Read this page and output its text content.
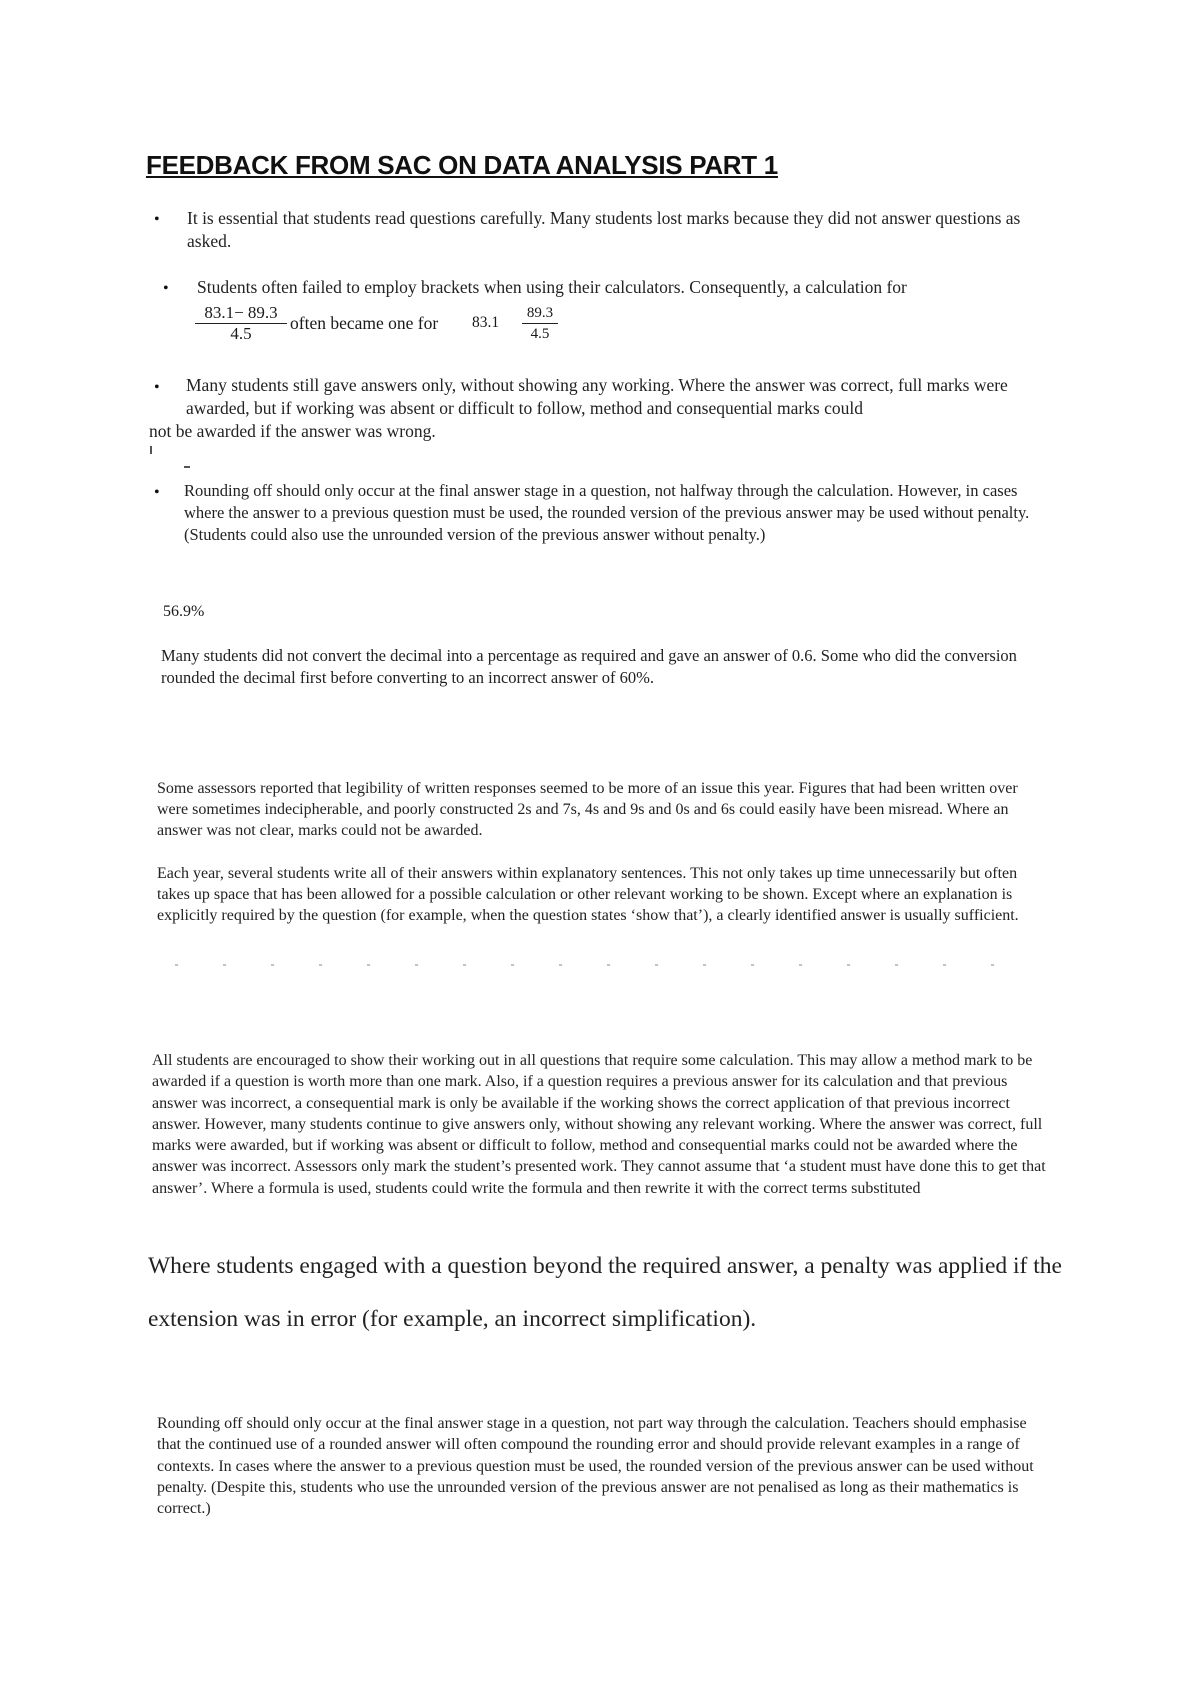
FEEDBACK FROM SAC ON DATA ANALYSIS PART 1
• It is essential that students read questions carefully. Many students lost marks because they did not answer questions as asked.

• Students often failed to employ brackets when using their calculators. Consequently, a calculation for

$\frac{83.1- 89.3}{4.5}$ often became one for $83.1 \frac{89.3}{4.5}$
• Many students still gave answers only, without showing any working. Where the answer was correct, full marks were awarded, but if working was absent or difficult to follow, method and consequential marks could

not be awarded if the answer was wrong.

• Rounding off should only occur at the final answer stage in a question, not halfway through the calculation. However, in cases where the answer to a previous question must be used, the rounded version of the previous answer may be used without penalty. (Students could also use the unrounded version of the previous answer without penalty.)

56.9%

Many students did not convert the decimal into a percentage as required and gave an answer of 0.6. Some who did the conversion rounded the decimal first before converting to an incorrect answer of 60%.

Some assessors reported that legibility of written responses seemed to be more of an issue this year. Figures that had been written over were sometimes indecipherable, and poorly constructed 2s and 7s, 4s and 9s and 0s and 6s could easily have been misread. Where an answer was not clear, marks could not be awarded.

Each year, several students write all of their answers within explanatory sentences. This not only takes up time unnecessarily but often takes up space that has been allowed for a possible calculation or other relevant working to be shown. Except where an explanation is explicitly required by the question (for example, when the question states ‘show that’), a clearly identified answer is usually sufficient.

All students are encouraged to show their working out in all questions that require some calculation. This may allow a method mark to be awarded if a question is worth more than one mark. Also, if a question requires a previous answer for its calculation and that previous answer was incorrect, a consequential mark is only be available if the working shows the correct application of that previous incorrect answer. However, many students continue to give answers only, without showing any relevant working. Where the answer was correct, full marks were awarded, but if working was absent or difficult to follow, method and consequential marks could not be awarded where the answer was incorrect. Assessors only mark the student’s presented work. They cannot assume that ‘a student must have done this to get that answer’. Where a formula is used, students could write the formula and then rewrite it with the correct terms substituted

Where students engaged with a question beyond the required answer, a penalty was applied if the extension was in error (for example, an incorrect simplification).

Rounding off should only occur at the final answer stage in a question, not part way through the calculation. Teachers should emphasise that the continued use of a rounded answer will often compound the rounding error and should provide relevant examples in a range of contexts. In cases where the answer to a previous question must be used, the rounded version of the previous answer can be used without penalty. (Despite this, students who use the unrounded version of the previous answer are not penalised as long as their mathematics is correct.)
